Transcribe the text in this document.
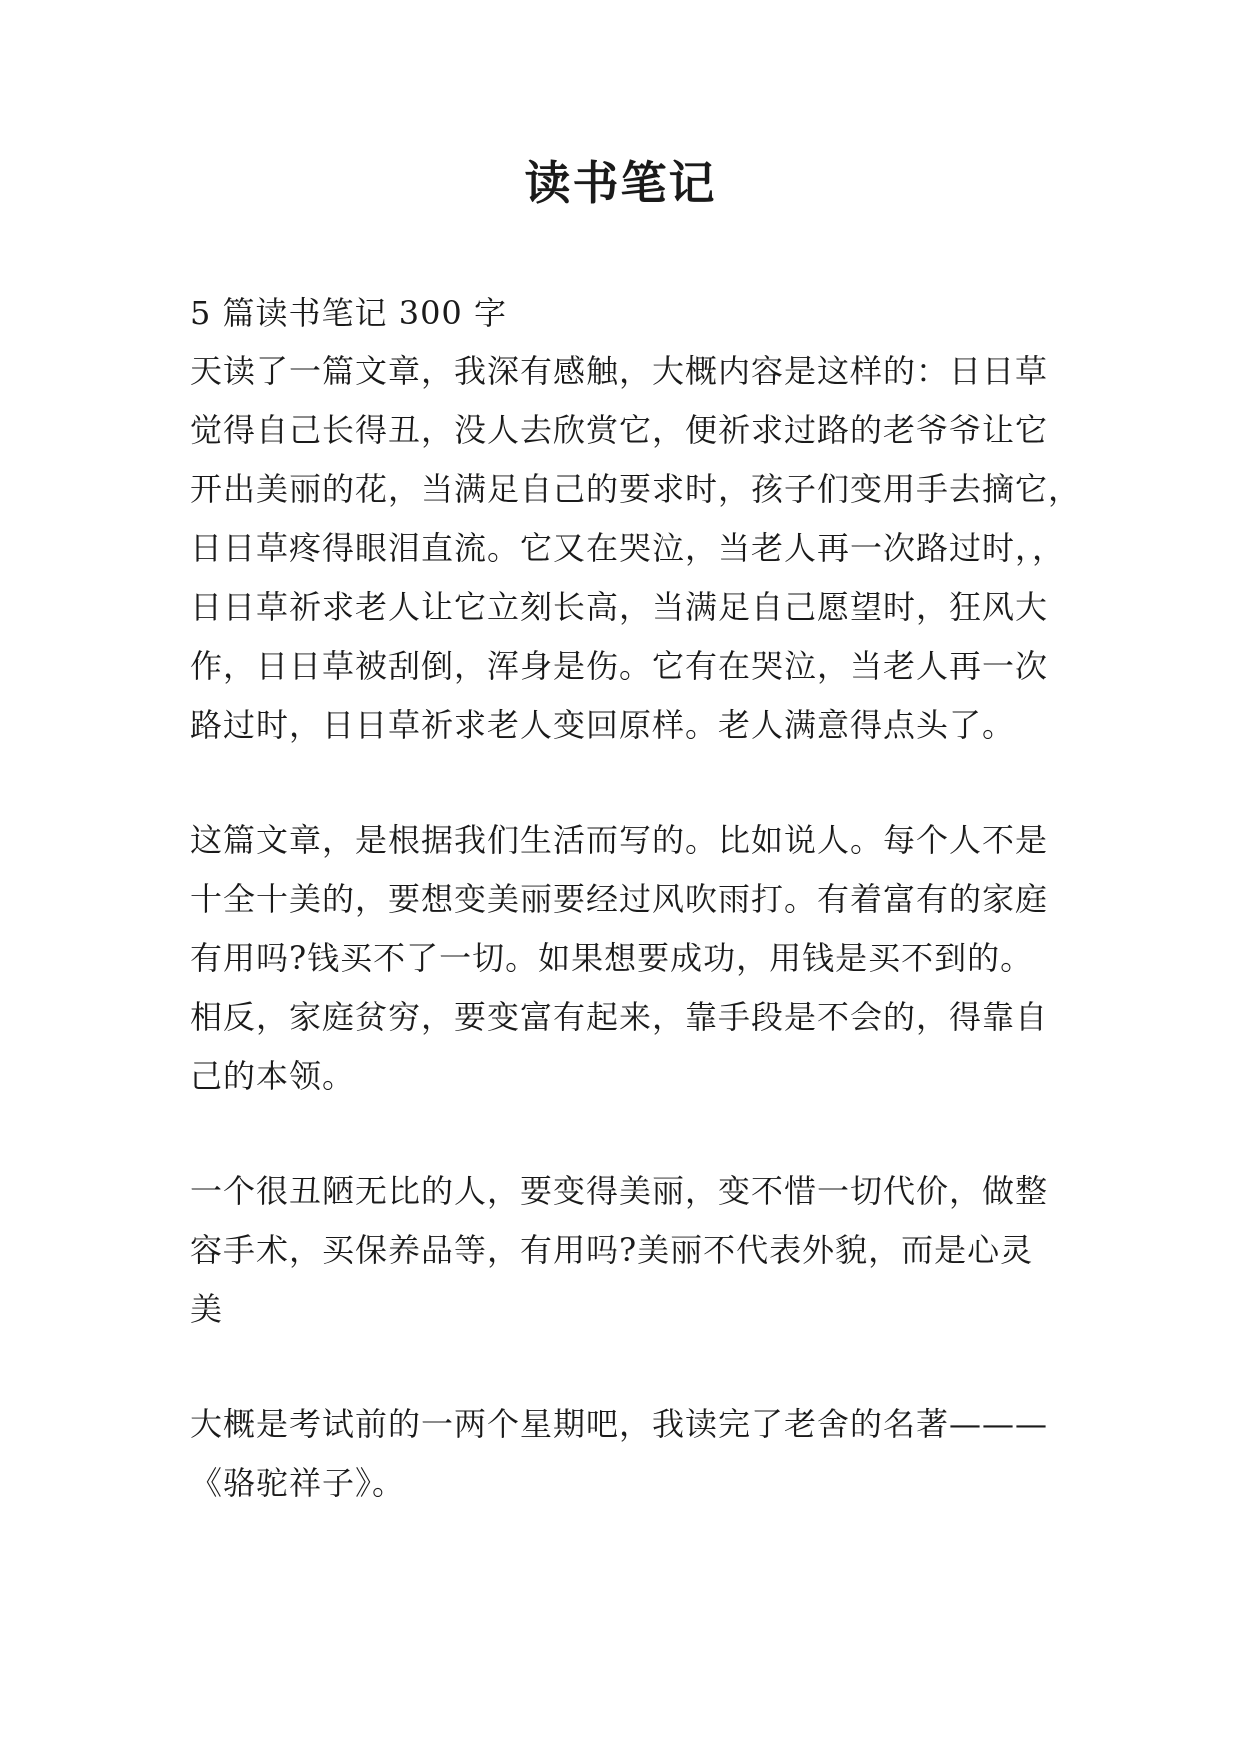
读书笔记

5 篇读书笔记 300 字

天读了一篇文章，我深有感触，大概内容是这样的：日日草
觉得自己长得丑，没人去欣赏它，便祈求过路的老爷爷让它
开出美丽的花，当满足自己的要求时，孩子们变用手去摘它，
日日草疼得眼泪直流。它又在哭泣，当老人再一次路过时，，
日日草祈求老人让它立刻长高，当满足自己愿望时，狂风大
作，日日草被刮倒，浑身是伤。它有在哭泣，当老人再一次
路过时，日日草祈求老人变回原样。老人满意得点头了。

这篇文章，是根据我们生活而写的。比如说人。每个人不是
十全十美的，要想变美丽要经过风吹雨打。有着富有的家庭
有用吗?钱买不了一切。如果想要成功，用钱是买不到的。
相反，家庭贫穷，要变富有起来，靠手段是不会的，得靠自
己的本领。

一个很丑陋无比的人，要变得美丽，变不惜一切代价，做整
容手术，买保养品等，有用吗?美丽不代表外貌，而是心灵
美

大概是考试前的一两个星期吧，我读完了老舍的名著———
《骆驼祥子》。
